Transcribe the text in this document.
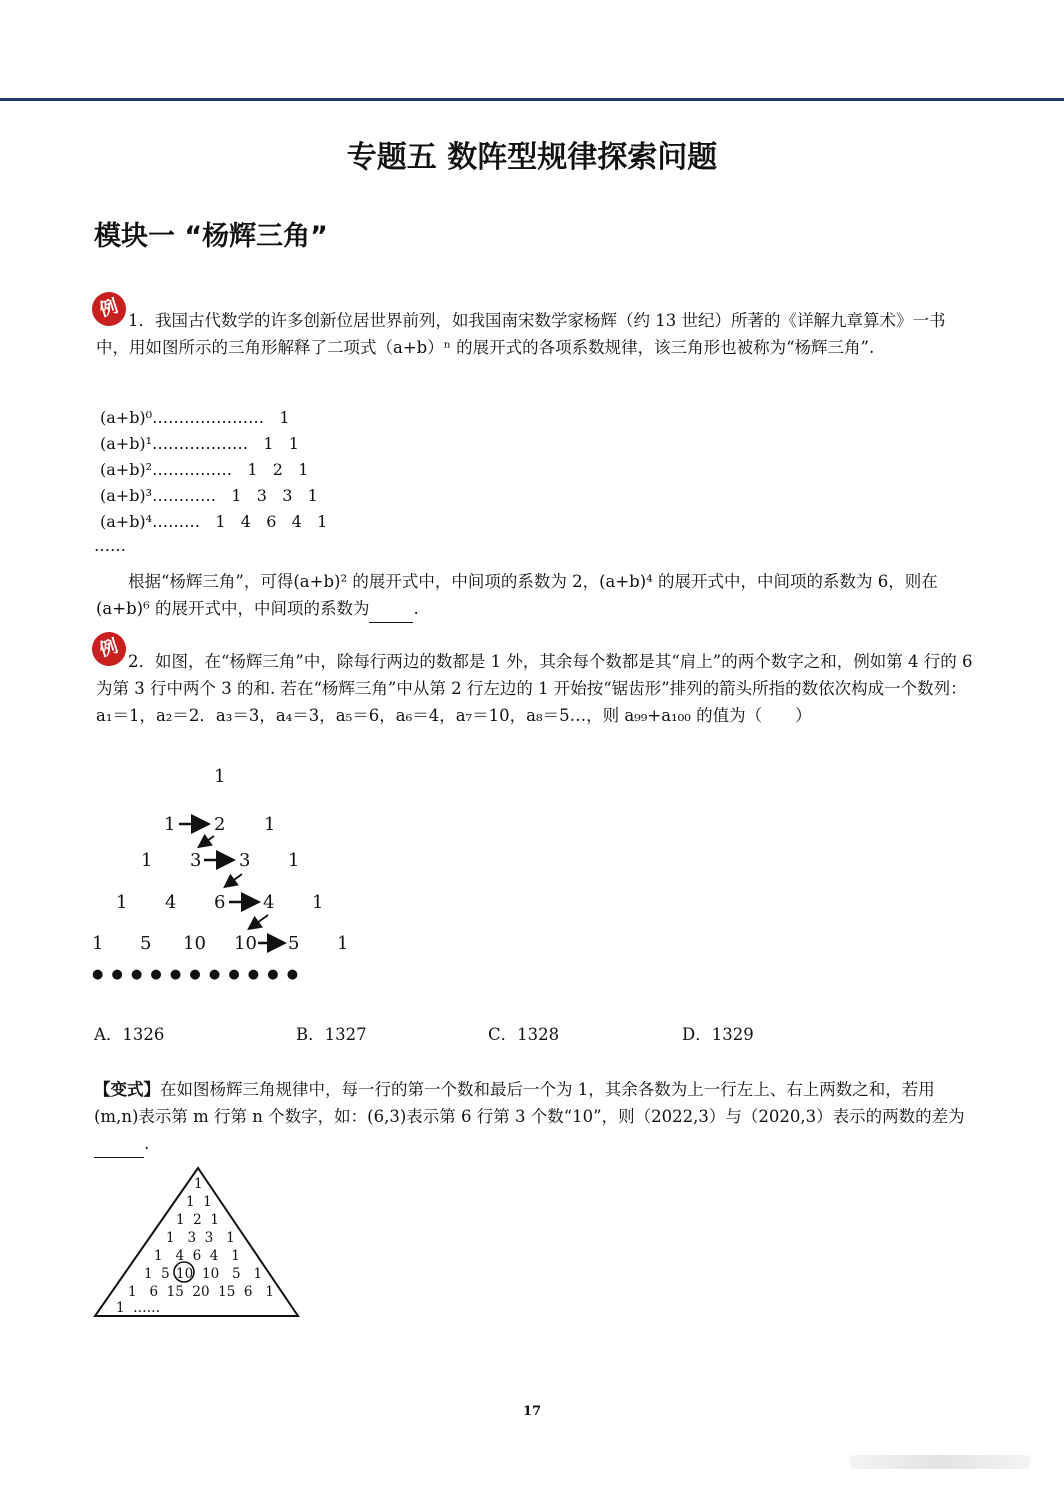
专题五 数阵型规律探索问题
模块一 “杨辉三角”
例 1．我国古代数学的许多创新位居世界前列，如我国南宋数学家杨辉（约 13 世纪）所著的《详解九章算术》一书中，用如图所示的三角形解释了二项式（a+b）ⁿ 的展开式的各项系数规律，该三角形也被称为“杨辉三角”.
(a+b)⁰…………………   1
(a+b)¹………………   1   1
(a+b)²……………   1   2   1
(a+b)³…………   1   3   3   1
(a+b)⁴………   1   4   6   4   1
……
根据“杨辉三角”，可得(a+b)² 的展开式中，中间项的系数为 2，(a+b)⁴ 的展开式中，中间项的系数为 6，则在(a+b)⁶ 的展开式中，中间项的系数为	.
例
2．如图，在“杨辉三角”中，除每行两边的数都是 1 外，其余每个数都是其“肩上”的两个数字之和，例如第 4 行的 6 为第 3 行中两个 3 的和. 若在“杨辉三角”中从第 2 行左边的 1 开始按“锯齿形”排列的箭头所指的数依次构成一个数列：a₁＝1，a₂＝2．a₃＝3，a₄＝3，a₅＝6，a₆＝4，a₇＝10，a₈＝5…，则 a₉₉+a₁₀₀ 的值为（　　）
1
1 2 1
1 3 3 1
1 4 6 4 1
1 5 10 10 5 1
● ● ● ● ● ● ● ● ● ● ●
A．1326	B．1327	C．1328	D．1329
【变式】在如图杨辉三角规律中，每一行的第一个数和最后一个为 1，其余各数为上一行左上、右上两数之和，若用(m,n)表示第 m 行第 n 个数字，如：(6,3)表示第 6 行第 3 个数“10”，则（2022,3）与（2020,3）表示的两数的差为 .
1
1  1
1  2  1
1   3  3   1
1   4  6  4   1
1  5 10 10   5   1
1   6  15  20  15  6   1
1  ……
17
